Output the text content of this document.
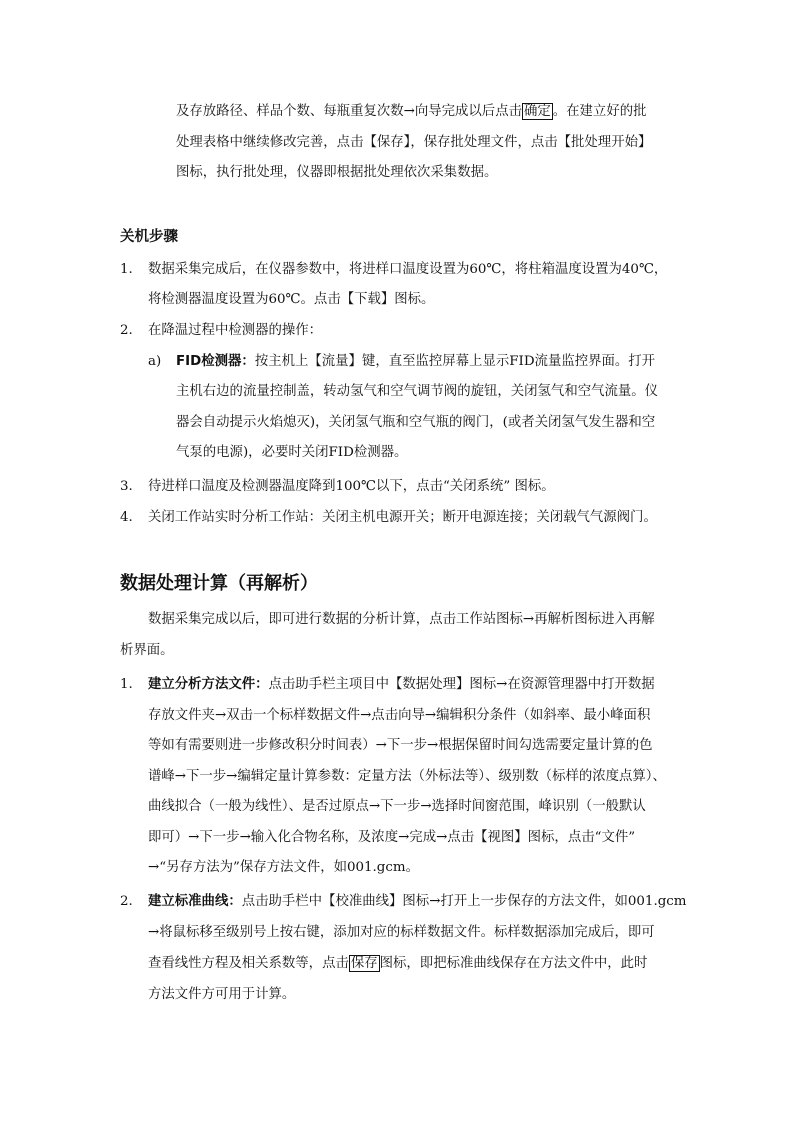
及存放路径、样品个数、每瓶重复次数→向导完成以后点击 确定 。在建立好的批
处理表格中继续修改完善，点击【保存】，保存批处理文件，点击【批处理开始】
图标，执行批处理，仪器即根据批处理依次采集数据。
关机步骤
1. 数据采集完成后，在仪器参数中，将进样口温度设置为60℃，将柱箱温度设置为40℃，
将检测器温度设置为60℃。点击【下载】图标。
2. 在降温过程中检测器的操作：
a) FID检测器：按主机上【流量】键，直至监控屏幕上显示FID流量监控界面。打开
主机右边的流量控制盖，转动氢气和空气调节阀的旋钮，关闭氢气和空气流量。仪
器会自动提示火焰熄灭)，关闭氢气瓶和空气瓶的阀门，(或者关闭氢气发生器和空
气泵的电源)，必要时关闭FID检测器。
3. 待进样口温度及检测器温度降到100℃以下，点击“关闭系统” 图标。
4. 关闭工作站实时分析工作站：关闭主机电源开关；断开电源连接；关闭载气气源阀门。
数据处理计算（再解析）
数据采集完成以后，即可进行数据的分析计算，点击工作站图标→再解析图标进入再解
析界面。
1. 建立分析方法文件：点击助手栏主项目中【数据处理】图标→在资源管理器中打开数据
存放文件夹→双击一个标样数据文件→点击向导→编辑积分条件（如斜率、最小峰面积
等如有需要则进一步修改积分时间表）→下一步→根据保留时间勾选需要定量计算的色
谱峰→下一步→编辑定量计算参数：定量方法（外标法等）、级别数（标样的浓度点算）、
曲线拟合（一般为线性）、是否过原点→下一步→选择时间窗范围，峰识别（一般默认
即可）→下一步→输入化合物名称，及浓度→完成→点击【视图】图标，点击“文件”
→“另存方法为”保存方法文件，如001.gcm。
2. 建立标准曲线：点击助手栏中【校准曲线】图标→打开上一步保存的方法文件，如001.gcm
→将鼠标移至级别号上按右键，添加对应的标样数据文件。标样数据添加完成后，即可
查看线性方程及相关系数等，点击 保存 图标，即把标准曲线保存在方法文件中，此时
方法文件方可用于计算。
